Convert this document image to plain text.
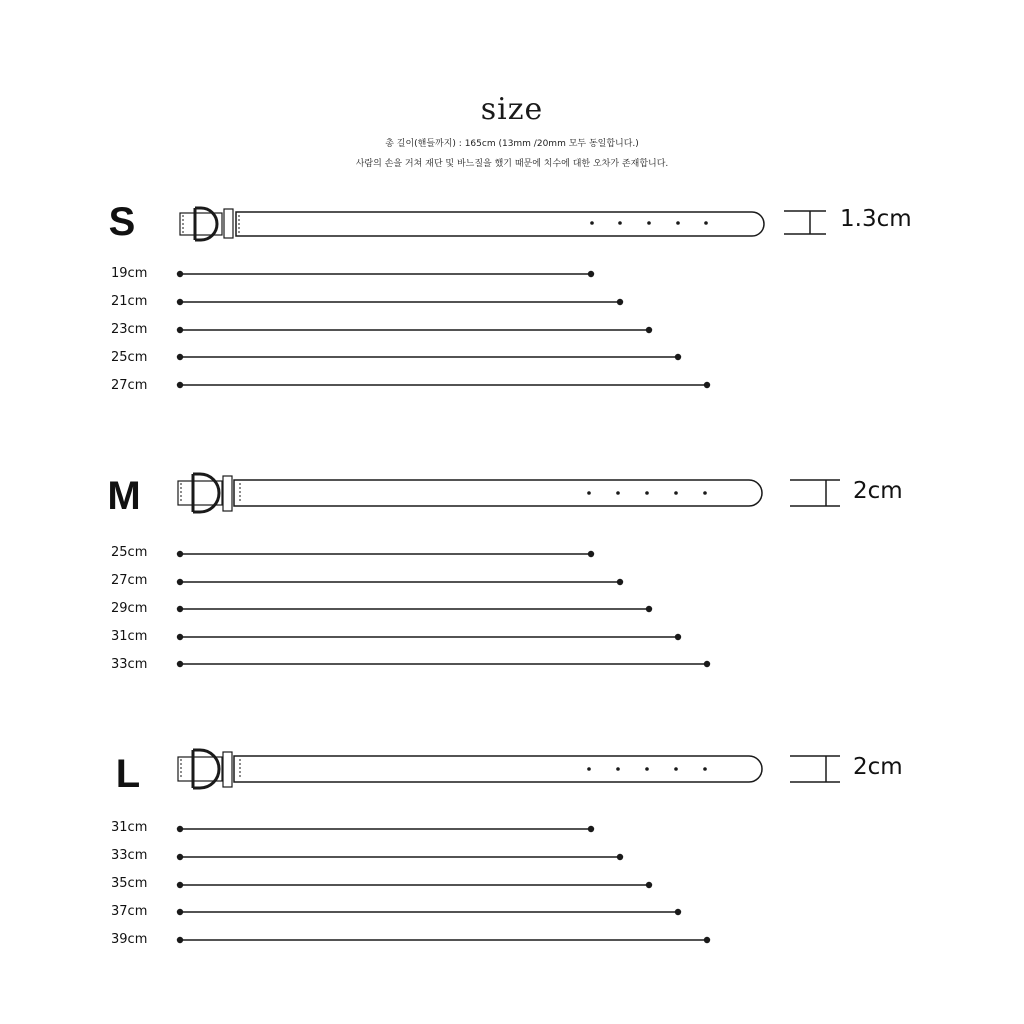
size
총 길이(핸들까지) : 165cm (13mm /20mm 모두 동일합니다.)
사람의 손을 거쳐 재단 및 바느질을 했기 때문에 치수에 대한 오차가 존재합니다.
S	1.3cm
19cm
21cm
23cm
25cm
27cm
M	2cm
25cm
27cm
29cm
31cm
33cm
L	2cm
31cm
33cm
35cm
37cm
39cm
